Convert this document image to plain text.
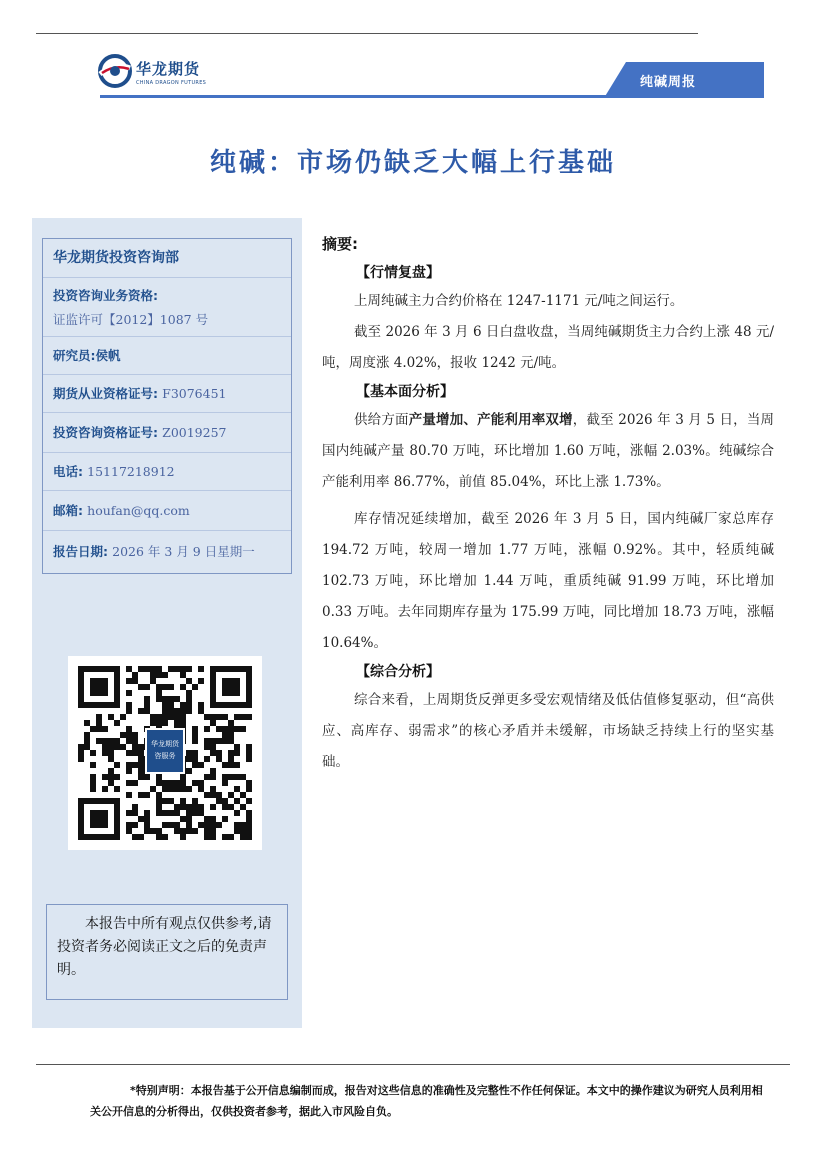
华龙期货
CHINA DRAGON FUTURES	纯碱周报
纯碱：市场仍缺乏大幅上行基础
华龙期货投资咨询部
投资咨询业务资格:
证监许可【2012】1087 号
研究员:侯帆
期货从业资格证号: F3076451
投资咨询资格证号: Z0019257
电话: 15117218912
邮箱: houfan@qq.com
报告日期: 2026 年 3 月 9 日星期一
华龙期货
咨服务
本报告中所有观点仅供参考,请投资者务必阅读正文之后的免责声明。
摘要:
【行情复盘】

上周纯碱主力合约价格在 1247-1171 元/吨之间运行。

截至 2026 年 3 月 6 日白盘收盘，当周纯碱期货主力合约上涨 48 元/吨，周度涨 4.02%，报收 1242 元/吨。

【基本面分析】

供给方面产量增加、产能利用率双增，截至 2026 年 3 月 5 日，当周国内纯碱产量 80.70 万吨，环比增加 1.60 万吨，涨幅 2.03%。纯碱综合产能利用率 86.77%，前值 85.04%，环比上涨 1.73%。

库存情况延续增加，截至 2026 年 3 月 5 日，国内纯碱厂家总库存 194.72 万吨，较周一增加 1.77 万吨，涨幅 0.92%。其中，轻质纯碱 102.73 万吨，环比增加 1.44 万吨，重质纯碱 91.99 万吨，环比增加 0.33 万吨。去年同期库存量为 175.99 万吨，同比增加 18.73 万吨，涨幅 10.64%。

【综合分析】

综合来看，上周期货反弹更多受宏观情绪及低估值修复驱动，但“高供应、高库存、弱需求”的核心矛盾并未缓解，市场缺乏持续上行的坚实基础。

*特别声明：本报告基于公开信息编制而成，报告对这些信息的准确性及完整性不作任何保证。本文中的操作建议为研究人员利用相关公开信息的分析得出，仅供投资者参考，据此入市风险自负。
